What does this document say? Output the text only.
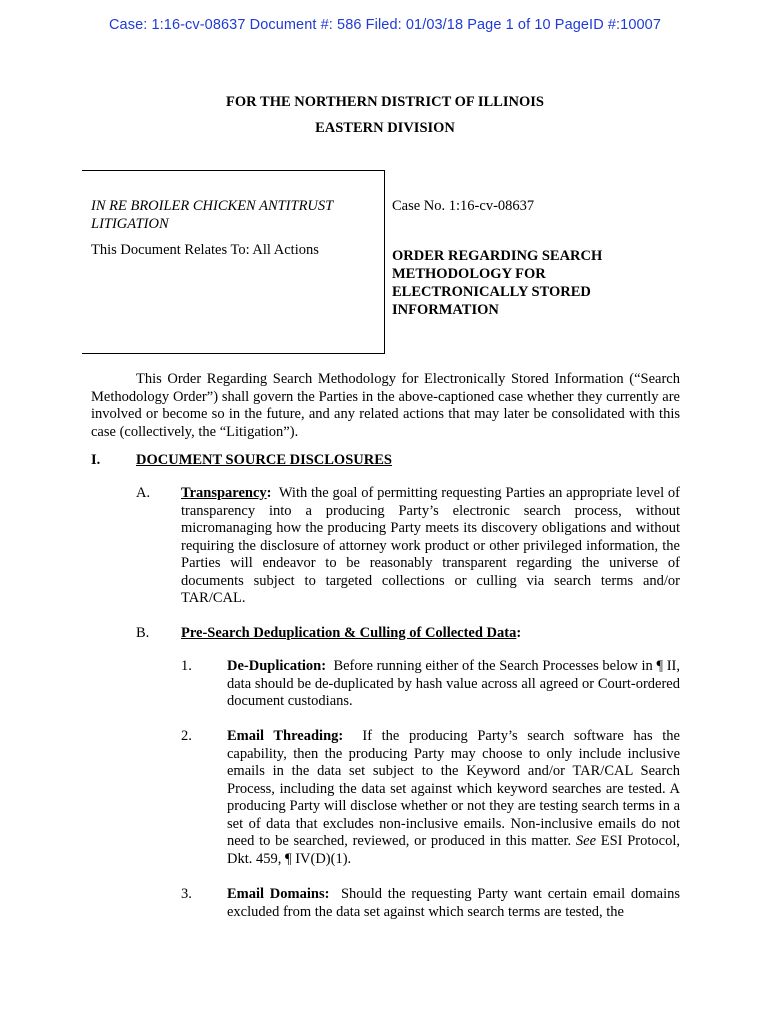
Case: 1:16-cv-08637 Document #: 586 Filed: 01/03/18 Page 1 of 10 PageID #:10007
FOR THE NORTHERN DISTRICT OF ILLINOIS
EASTERN DIVISION
IN RE BROILER CHICKEN ANTITRUST LITIGATION
This Document Relates To: All Actions
Case No. 1:16-cv-08637
ORDER REGARDING SEARCH METHODOLOGY FOR ELECTRONICALLY STORED INFORMATION
This Order Regarding Search Methodology for Electronically Stored Information (“Search Methodology Order”) shall govern the Parties in the above-captioned case whether they currently are involved or become so in the future, and any related actions that may later be consolidated with this case (collectively, the “Litigation”).
I. DOCUMENT SOURCE DISCLOSURES
A. Transparency: With the goal of permitting requesting Parties an appropriate level of transparency into a producing Party’s electronic search process, without micromanaging how the producing Party meets its discovery obligations and without requiring the disclosure of attorney work product or other privileged information, the Parties will endeavor to be reasonably transparent regarding the universe of documents subject to targeted collections or culling via search terms and/or TAR/CAL.
B. Pre-Search Deduplication & Culling of Collected Data:
1. De-Duplication: Before running either of the Search Processes below in ¶ II, data should be de-duplicated by hash value across all agreed or Court-ordered document custodians.
2. Email Threading: If the producing Party’s search software has the capability, then the producing Party may choose to only include inclusive emails in the data set subject to the Keyword and/or TAR/CAL Search Process, including the data set against which keyword searches are tested. A producing Party will disclose whether or not they are testing search terms in a set of data that excludes non-inclusive emails. Non-inclusive emails do not need to be searched, reviewed, or produced in this matter. See ESI Protocol, Dkt. 459, ¶ IV(D)(1).
3. Email Domains: Should the requesting Party want certain email domains excluded from the data set against which search terms are tested, the
